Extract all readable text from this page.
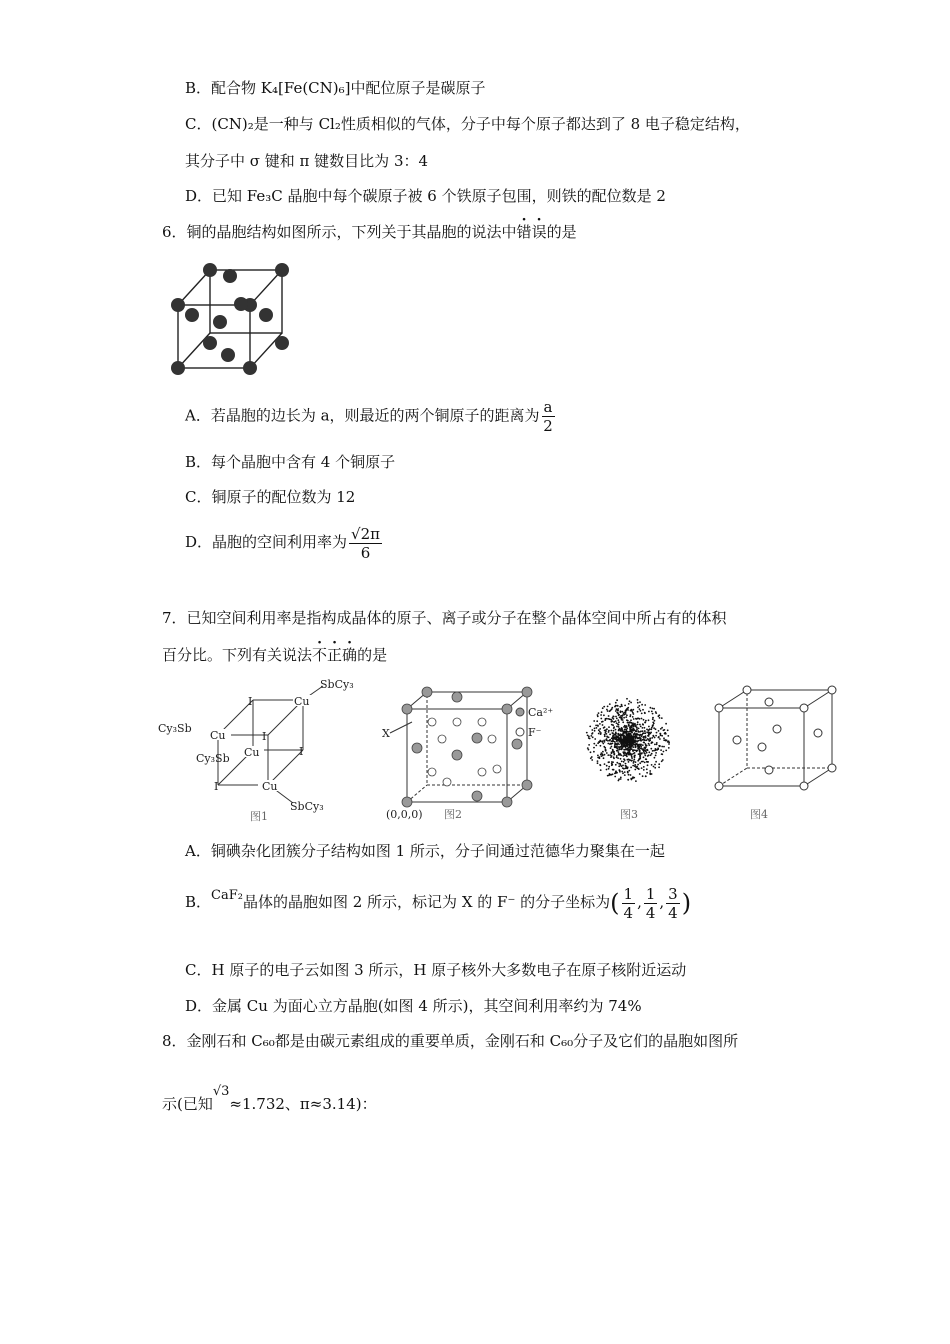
B．配合物 K₄[Fe(CN)₆]中配位原子是碳原子
C．(CN)₂是一种与 Cl₂性质相似的气体，分子中每个原子都达到了 8 电子稳定结构，
其分子中 σ 键和 π 键数目比为 3：4
D．已知 Fe₃C 晶胞中每个碳原子被 6 个铁原子包围，则铁的配位数是 2
6．铜的晶胞结构如图所示，下列关于其晶胞的说法中错误的是
A．若晶胞的边长为 a，则最近的两个铜原子的距离为 $\frac{a}{2}$
B．每个晶胞中含有 4 个铜原子
C．铜原子的配位数为 12
D．晶胞的空间利用率为 $\frac{√2\pi}{6}$
7．已知空间利用率是指构成晶体的原子、离子或分子在整个晶体空间中所占有的体积
百分比。下列有关说法不正确的是
SbCy₃
Cy₃Sb
Cy₃Sb
SbCy₃
Cu
Cu
Cu
Cu
I
I
I
I
图1
X
(0,0,0)
Ca²⁺
F⁻
图2	图3	图4
A．铜碘杂化团簇分子结构如图 1 所示，分子间通过范德华力聚集在一起
B．CaF₂晶体的晶胞如图 2 所示，标记为 X 的 F⁻ 的分子坐标为( $\frac{1}{4}$ , $\frac{1}{4}$ , $\frac{3}{4}$ )
C．H 原子的电子云如图 3 所示，H 原子核外大多数电子在原子核附近运动
D．金属 Cu 为面心立方晶胞(如图 4 所示)，其空间利用率约为 74%
8．金刚石和 C₆₀都是由碳元素组成的重要单质，金刚石和 C₆₀分子及它们的晶胞如图所
示(已知√3≈1.732、π≈3.14)：
